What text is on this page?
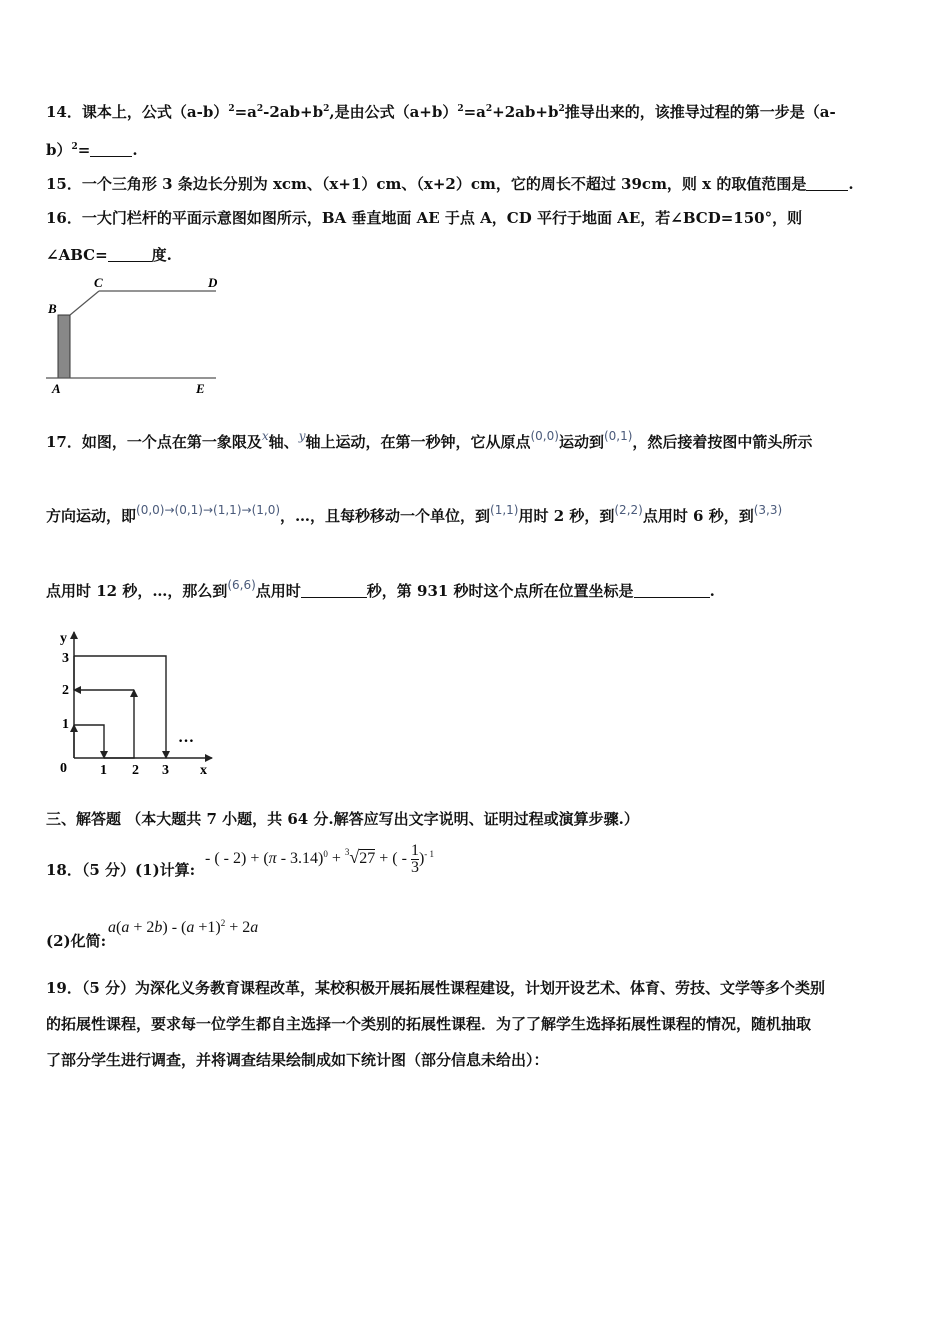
14．课本上，公式$(a-b)^2=a^2-2ab+b^2$,是由公式$(a+b)^2=a^2+2ab+b^2$推导出来的，该推导过程的第一步是（a-
b）$^2$=	.
15．一个三角形 3 条边长分别为 xcm、（x+1）cm、（x+2）cm，它的周长不超过 39cm，则 x 的取值范围是	.
16．一大门栏杆的平面示意图如图所示，BA 垂直地面 AE 于点 A，CD 平行于地面 AE，若∠BCD=150°，则
∠ABC=	度.
B
C	D
A	E
17．如图，一个点在第一象限及$^x$轴、$^y$轴上运动，在第一秒钟，它从原点$^{(0,0)}$运动到$^{(0,1)}$，然后接着按图中箭头所示
方向运动，即$^{(0,0)\to(0,1)\to(1,1)\to(1,0)}$，…，且每秒移动一个单位，到$^{(1,1)}$用时 2 秒，到$^{(2,2)}$点用时 6 秒，到$^{(3,3)}$
点用时 12 秒，…，那么到$^{(6,6)}$点用时	秒，第 931 秒时这个点所在位置坐标是	.
y
x
0 1 2 3
1
2
3
…
三、解答题 （本大题共 7 小题，共 64 分.解答应写出文字说明、证明过程或演算步骤.）
18．（5 分）(1)计算:
- ( - 2) + (π - 3.14)$^0$ + $^3$√27 + ( - $\frac{1}{3} )^{- 1}$
(2)化简:
$a(a + 2b) - (a +1)^2 + 2a$
19．（5 分）为深化义务教育课程改革，某校积极开展拓展性课程建设，计划开设艺术、体育、劳技、文学等多个类别
的拓展性课程，要求每一位学生都自主选择一个类别的拓展性课程．为了了解学生选择拓展性课程的情况，随机抽取
了部分学生进行调查，并将调查结果绘制成如下统计图（部分信息未给出）：
